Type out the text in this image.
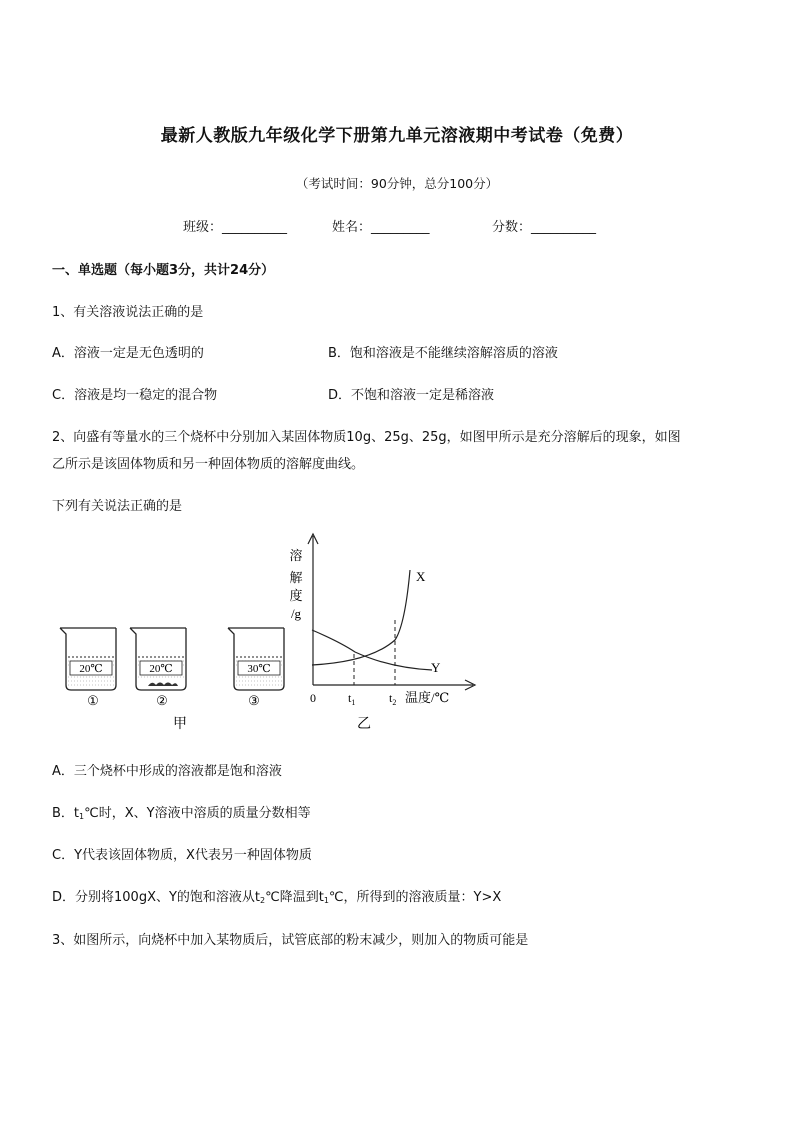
最新人教版九年级化学下册第九单元溶液期中考试卷（免费）
（考试时间：90分钟，总分100分）
班级：__________	姓名：_________	分数：__________
一、单选题（每小题3分，共计24分）
1、有关溶液说法正确的是
A．溶液一定是无色透明的	B．饱和溶液是不能继续溶解溶质的溶液
C．溶液是均一稳定的混合物	D．不饱和溶液一定是稀溶液
2、向盛有等量水的三个烧杯中分别加入某固体物质10g、25g、25g，如图甲所示是充分溶解后的现象，如图
乙所示是该固体物质和另一种固体物质的溶解度曲线。
下列有关说法正确的是
20℃
①
20℃
②
30℃
③
甲
溶
解
度
/g
X
Y
0	$t_1$	$t_2$ 温度/℃
乙
A．三个烧杯中形成的溶液都是饱和溶液
B．t1℃时，X、Y溶液中溶质的质量分数相等
C．Y代表该固体物质，X代表另一种固体物质
D．分别将100gX、Y的饱和溶液从t2℃降温到t1℃，所得到的溶液质量：Y>X
3、如图所示，向烧杯中加入某物质后，试管底部的粉末减少，则加入的物质可能是
